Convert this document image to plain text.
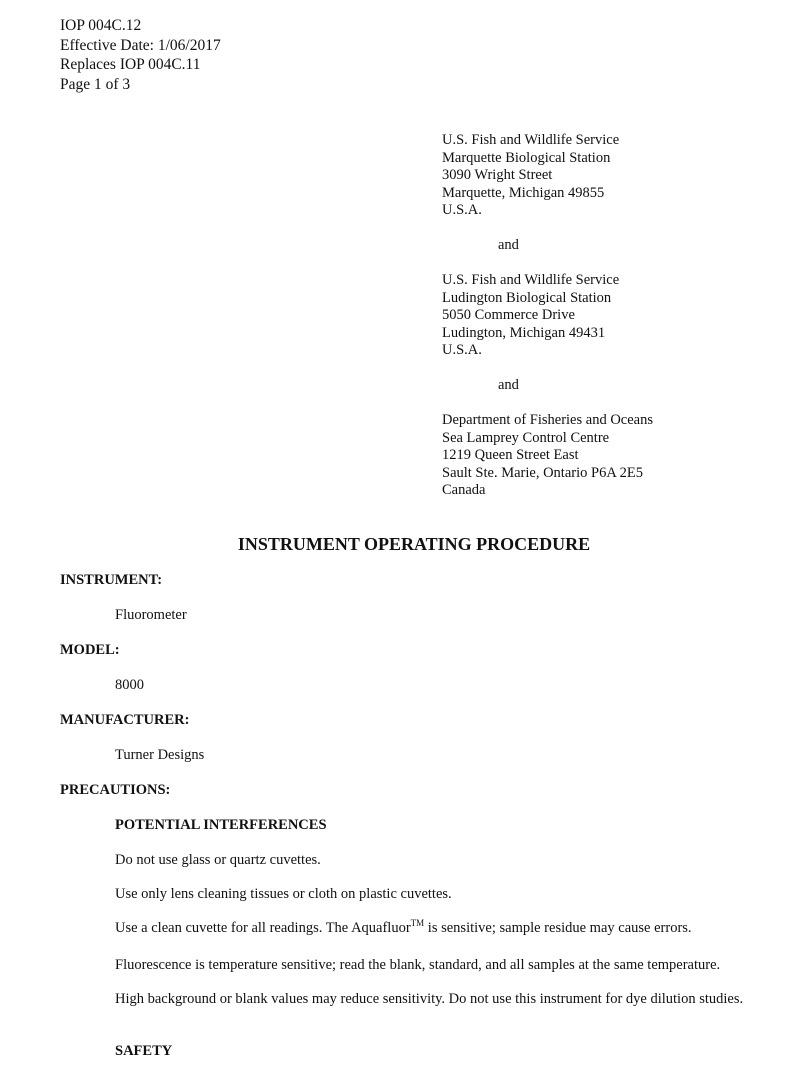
IOP 004C.12
Effective Date: 1/06/2017
Replaces IOP 004C.11
Page 1 of 3
U.S. Fish and Wildlife Service
Marquette Biological Station
3090 Wright Street
Marquette, Michigan 49855
U.S.A.
and
U.S. Fish and Wildlife Service
Ludington Biological Station
5050 Commerce Drive
Ludington, Michigan 49431
U.S.A.
and
Department of Fisheries and Oceans
Sea Lamprey Control Centre
1219 Queen Street East
Sault Ste. Marie, Ontario P6A 2E5
Canada
INSTRUMENT OPERATING PROCEDURE
INSTRUMENT:
Fluorometer
MODEL:
8000
MANUFACTURER:
Turner Designs
PRECAUTIONS:
POTENTIAL INTERFERENCES
Do not use glass or quartz cuvettes.
Use only lens cleaning tissues or cloth on plastic cuvettes.
Use a clean cuvette for all readings. The Aquafluor™ is sensitive; sample residue may cause errors.
Fluorescence is temperature sensitive; read the blank, standard, and all samples at the same temperature.
High background or blank values may reduce sensitivity. Do not use this instrument for dye dilution studies.
SAFETY
